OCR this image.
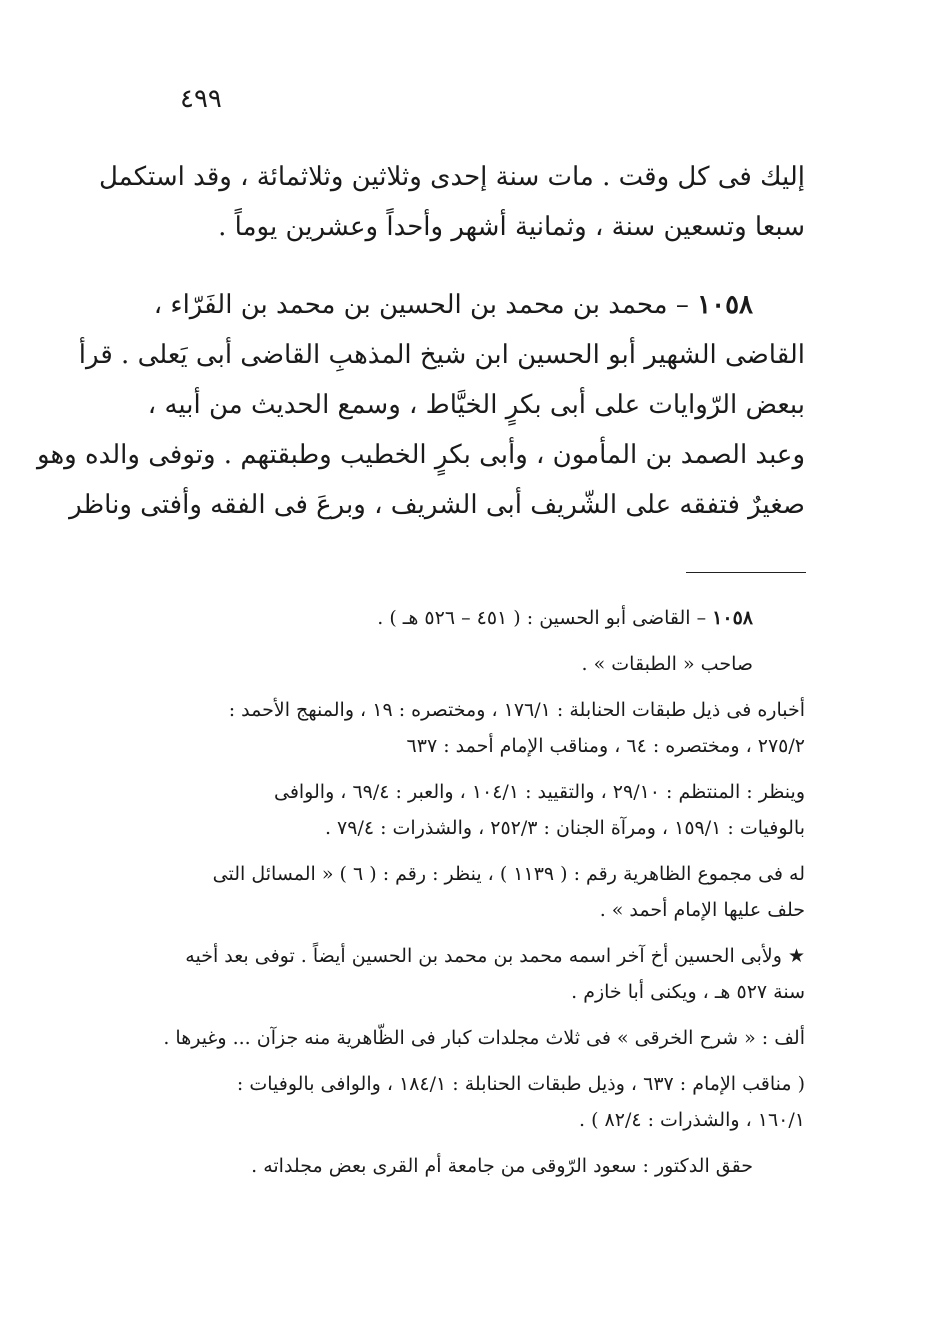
٤٩٩
إليك فى كل وقت . مات سنة إحدى وثلاثين وثلاثمائة ، وقد استكمل
سبعا وتسعين سنة ، وثمانية أشهر وأحداً وعشرين يوماً .
١٠٥٨ – محمد بن محمد بن الحسين بن محمد بن الفَرّاء ،
القاضى الشهير أبو الحسين ابن شيخ المذهبِ القاضى أبى يَعلى . قرأ
ببعض الرّوايات على أبى بكرٍ الخيَّاط ، وسمع الحديث من أبيه ،
وعبد الصمد بن المأمون ، وأبى بكرٍ الخطيب وطبقتهم . وتوفى والده وهو
صغيرٌ فتفقه على الشّريف أبى الشريف ، وبرعَ فى الفقه وأفتى وناظر
١٠٥٨ – القاضى أبو الحسين : ( ٤٥١ – ٥٢٦ هـ ) .
صاحب « الطبقات » .
أخباره فى ذيل طبقات الحنابلة : ١٧٦/١ ، ومختصره : ١٩ ، والمنهج الأحمد :
٢٧٥/٢ ، ومختصره : ٦٤ ، ومناقب الإمام أحمد : ٦٣٧
وينظر : المنتظم : ٢٩/١٠ ، والتقييد : ١٠٤/١ ، والعبر : ٦٩/٤ ، والوافى
بالوفيات : ١٥٩/١ ، ومرآة الجنان : ٢٥٢/٣ ، والشذرات : ٧٩/٤ .
له فى مجموع الظاهرية رقم : ( ١١٣٩ ) ، ينظر : رقم : ( ٦ ) « المسائل التى
حلف عليها الإمام أحمد » .
★ ولأبى الحسين أخ آخر اسمه محمد بن محمد بن الحسين أيضاً . توفى بعد أخيه
سنة ٥٢٧ هـ ، ويكنى أبا خازم .
ألف : « شرح الخرقى » فى ثلاث مجلدات كبار فى الظّاهرية منه جزآن ... وغيرها .
( مناقب الإمام : ٦٣٧ ، وذيل طبقات الحنابلة : ١٨٤/١ ، والوافى بالوفيات :
١٦٠/١ ، والشذرات : ٨٢/٤ ) .
حقق الدكتور : سعود الرّوقى من جامعة أم القرى بعض مجلداته .
